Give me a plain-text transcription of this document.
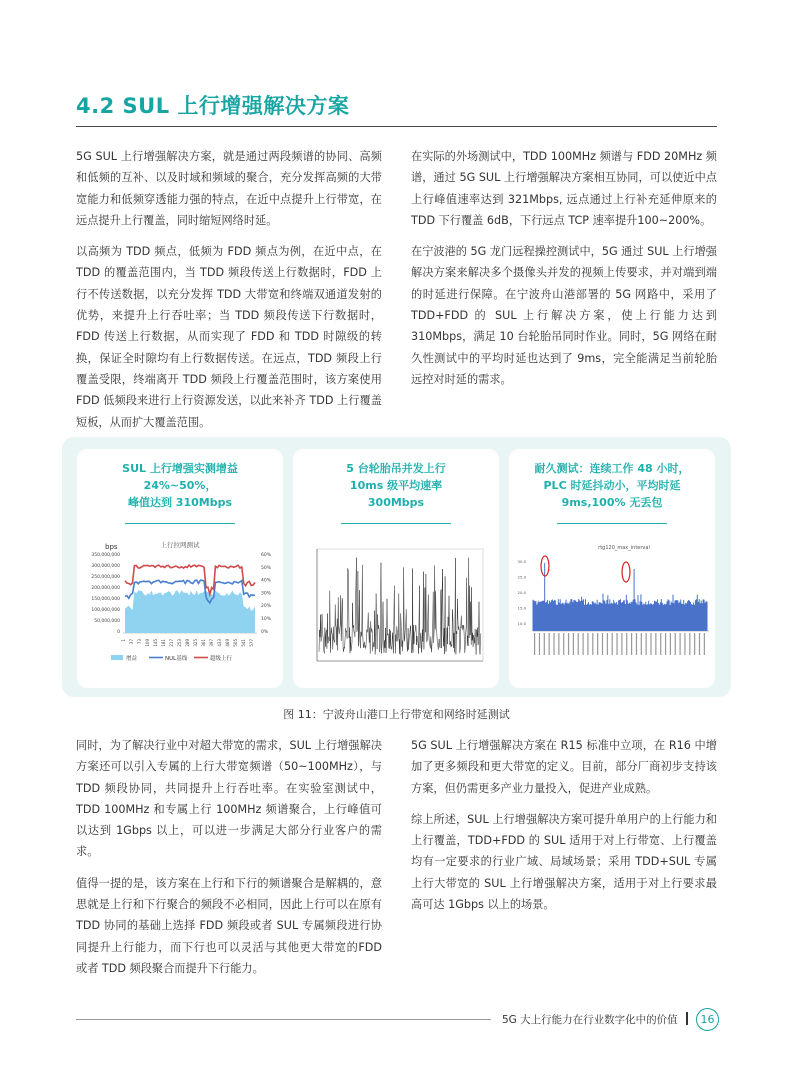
4.2 SUL 上行增强解决方案

5G SUL 上行增强解决方案，就是通过两段频谱的协同、高频和低频的互补、以及时域和频域的聚合，充分发挥高频的大带宽能力和低频穿透能力强的特点，在近中点提升上行带宽，在远点提升上行覆盖，同时缩短网络时延。

以高频为 TDD 频点，低频为 FDD 频点为例，在近中点，在TDD 的覆盖范围内，当 TDD 频段传送上行数据时，FDD 上行不传送数据，以充分发挥 TDD 大带宽和终端双通道发射的优势，来提升上行吞吐率；当 TDD 频段传送下行数据时，FDD 传送上行数据，从而实现了 FDD 和 TDD 时隙级的转换，保证全时隙均有上行数据传送。在远点，TDD 频段上行覆盖受限，终端离开 TDD 频段上行覆盖范围时，该方案使用FDD 低频段来进行上行资源发送，以此来补齐 TDD 上行覆盖短板，从而扩大覆盖范围。

在实际的外场测试中，TDD 100MHz 频谱与 FDD 20MHz 频谱，通过 5G SUL 上行增强解决方案相互协同，可以使近中点上行峰值速率达到 321Mbps, 远点通过上行补充延伸原来的 TDD 下行覆盖 6dB，下行远点 TCP 速率提升100~200%。

在宁波港的 5G 龙门远程操控测试中，5G 通过 SUL 上行增强解决方案来解决多个摄像头并发的视频上传要求，并对端到端的时延进行保障。在宁波舟山港部署的 5G 网路中，采用了 TDD+FDD 的 SUL 上行解决方案，使上行能力达到310Mbps，满足 10 台轮胎吊同时作业。同时，5G 网络在耐久性测试中的平均时延也达到了 9ms，完全能满足当前轮胎远控对时延的需求。

SUL 上行增强实测增益
24%~50%，
峰值达到 310Mbps
bps	上行拉网测试
350,000,000
300,000,000
250,000,000
200,000,000
150,000,000
100,000,000
50,000,000
0
60%
50%
40%
30%
20%
10%
0%
1 37 73 109 145 181 217 253 289 325 361 397 433 469 505 541 577
增益	NUL基线	超级上行
5 台轮胎吊并发上行
10ms 级平均速率
300Mbps
耐久测试：连续工作 48 小时，
PLC 时延抖动小，平均时延
9ms,100% 无丢包
rtg120_max_interval
30.0
25.0
20.0
15.0
10.0
图 11：宁波舟山港口上行带宽和网络时延测试

同时，为了解决行业中对超大带宽的需求，SUL 上行增强解决方案还可以引入专属的上行大带宽频谱（50~100MHz），与 TDD 频段协同，共同提升上行吞吐率。在实验室测试中，TDD 100MHz 和专属上行 100MHz 频谱聚合，上行峰值可以达到 1Gbps 以上，可以进一步满足大部分行业客户的需求。

值得一提的是，该方案在上行和下行的频谱聚合是解耦的，意思就是上行和下行聚合的频段不必相同，因此上行可以在原有 TDD 协同的基础上选择 FDD 频段或者 SUL 专属频段进行协同提升上行能力，而下行也可以灵活与其他更大带宽的FDD 或者 TDD 频段聚合而提升下行能力。

5G SUL 上行增强解决方案在 R15 标准中立项，在 R16 中增加了更多频段和更大带宽的定义。目前，部分厂商初步支持该方案，但仍需更多产业力量投入，促进产业成熟。

综上所述，SUL 上行增强解决方案可提升单用户的上行能力和上行覆盖，TDD+FDD 的 SUL 适用于对上行带宽、上行覆盖均有一定要求的行业广域、局域场景；采用 TDD+SUL 专属上行大带宽的 SUL 上行增强解决方案，适用于对上行要求最高可达 1Gbps 以上的场景。

5G 大上行能力在行业数字化中的价值	16
